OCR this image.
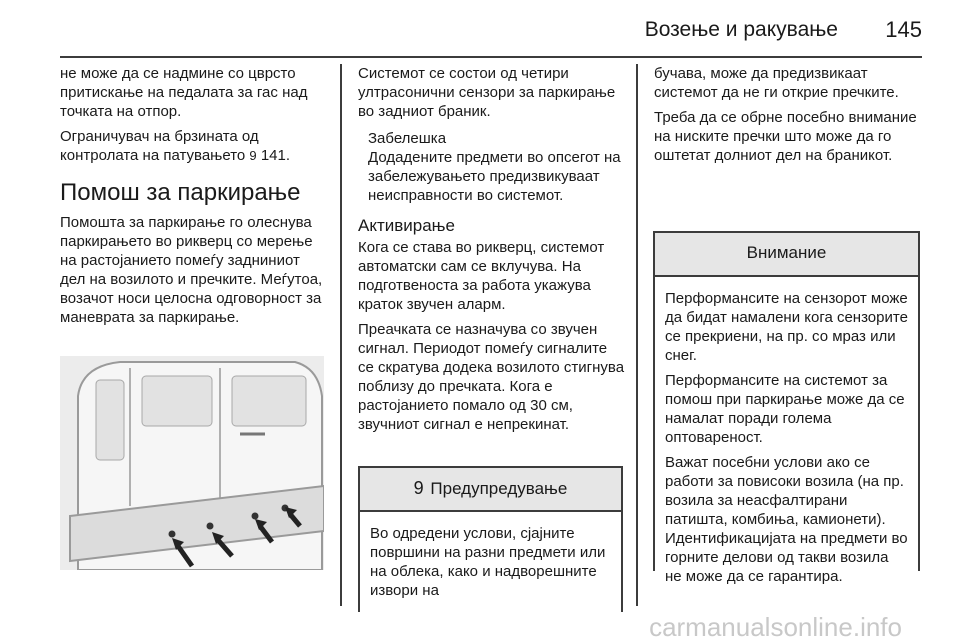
Возење и ракување 145

не може да се надмине со цврсто притискање на педалата за гас над точката на отпор.

Ограничувач на брзината од контролата на патувањето 9 141.

Помош за паркирање

Помошта за паркирање го олеснува паркирањето во рикверц со мерење на растојанието помеѓу задниниот дел на возилото и пречките. Меѓутоа, возачот носи целосна одговорност за маневрата за паркирање.

Системот се состои од четири ултрасонични сензори за паркирање во задниот браник.

Забелешка

Додадените предмети во опсегот на забележувањето предизвикуваат неисправности во системот.

Активирање

Кога се става во рикверц, системот автоматски сам се вклучува. На подготвеноста за работа укажува краток звучен аларм.

Преачката се назначува со звучен сигнал. Периодот помеѓу сигналите се скратува додека возилото стигнува поблизу до пречката. Кога е растојанието помало од 30 см, звучниот сигнал е непрекинат.

9 Предупредување

Во одредени услови, сјајните површини на разни предмети или на облека, како и надворешните извори на

бучава, може да предизвикаат системот да не ги открие пречките.

Треба да се обрне посебно внимание на ниските пречки што може да го оштетат долниот дел на браникот.

Внимание

Перформансите на сензорот може да бидат намалени кога сензорите се прекриени, на пр. со мраз или снег.

Перформансите на системот за помош при паркирање може да се намалат поради голема оптовареност.

Важат посебни услови ако се работи за повисоки возила (на пр. возила за неасфалтирани патишта, комбиња, камионети). Идентификацијата на предмети во горните делови од такви возила не може да се гарантира.

carmanualsonline.info
